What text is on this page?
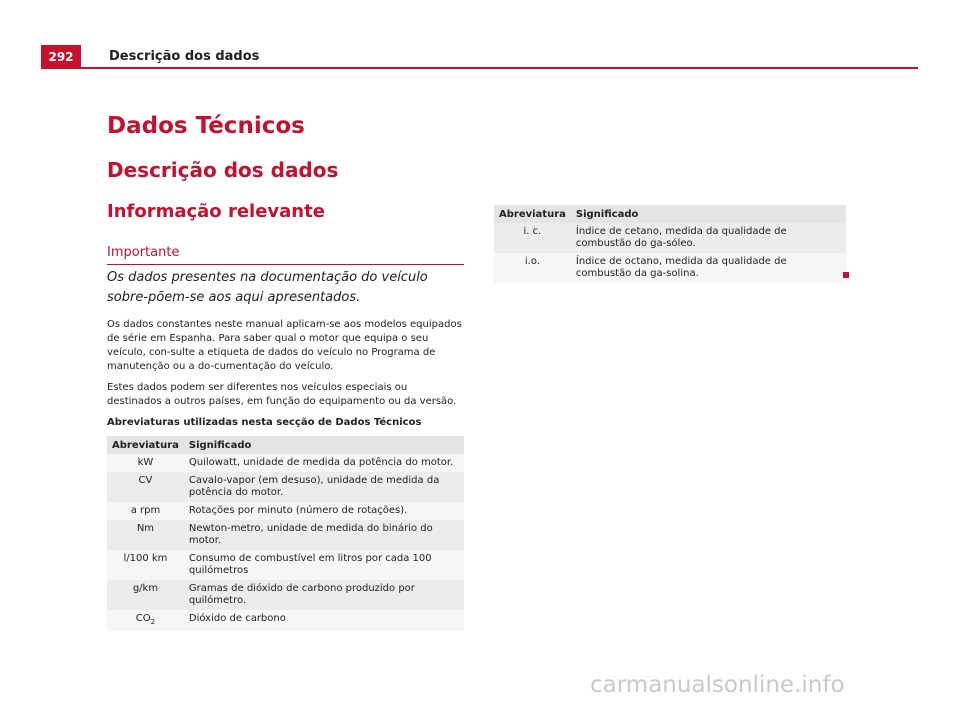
292	Descrição dos dados
Dados Técnicos
Descrição dos dados
Informação relevante
Importante

Os dados presentes na documentação do veículo sobre-põem-se aos aqui apresentados.

Os dados constantes neste manual aplicam-se aos modelos equipados de série em Espanha. Para saber qual o motor que equipa o seu veículo, con-sulte a etiqueta de dados do veículo no Programa de manutenção ou a do-cumentação do veículo.

Estes dados podem ser diferentes nos veículos especiais ou destinados a outros países, em função do equipamento ou da versão.

Abreviaturas utilizadas nesta secção de Dados Técnicos
Abreviatura	Significado
kW	Quilowatt, unidade de medida da potência do motor.
CV	Cavalo-vapor (em desuso), unidade de medida da potência do motor.
a rpm	Rotações por minuto (número de rotações).
Nm	Newton-metro, unidade de medida do binário do motor.
l/100 km	Consumo de combustível em litros por cada 100 quilómetros
g/km	Gramas de dióxido de carbono produzido por quilómetro.
$CO_2$	Dióxido de carbono
Abreviatura	Significado
i. c.	Índice de cetano, medida da qualidade de combustão do ga-sóleo.
i.o.	Índice de octano, medida da qualidade de combustão da ga-solina.
carmanualsonline.info
